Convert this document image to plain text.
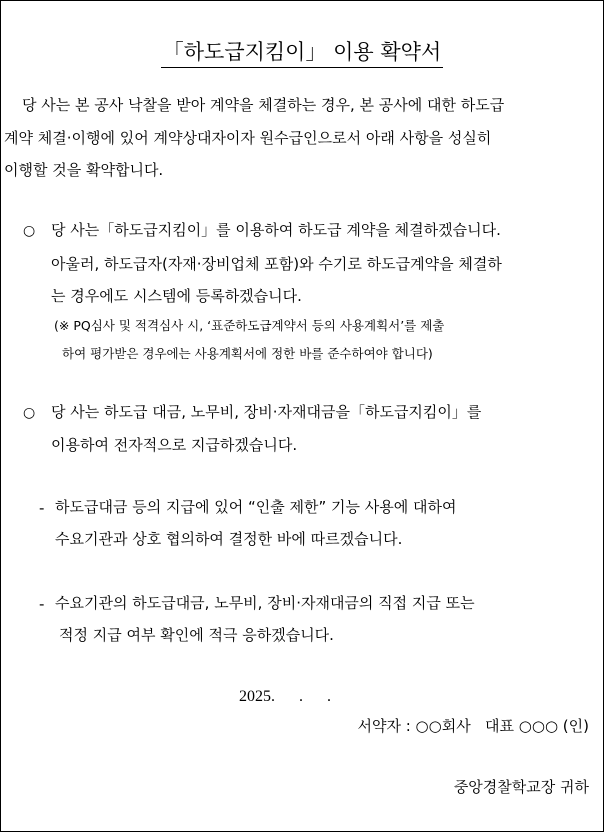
「하도급지킴이」 이용 확약서
당 사는 본 공사 낙찰을 받아 계약을 체결하는 경우, 본 공사에 대한 하도급
계약 체결·이행에 있어 계약상대자이자 원수급인으로서 아래 사항을 성실히
이행할 것을 확약합니다.
○ 당 사는「하도급지킴이」를 이용하여 하도급 계약을 체결하겠습니다.
아울러, 하도급자(자재·장비업체 포함)와 수기로 하도급계약을 체결하
는 경우에도 시스템에 등록하겠습니다.
(※ PQ심사 및 적격심사 시, ‘표준하도급계약서 등의 사용계획서’를 제출
하여 평가받은 경우에는 사용계획서에 정한 바를 준수하여야 합니다)
○ 당 사는 하도급 대금, 노무비, 장비·자재대금을「하도급지킴이」를
이용하여 전자적으로 지급하겠습니다.
- 하도급대금 등의 지급에 있어 “인출 제한” 기능 사용에 대하여
수요기관과 상호 협의하여 결정한 바에 따르겠습니다.
- 수요기관의 하도급대금, 노무비, 장비·자재대금의 직접 지급 또는
적정 지급 여부 확인에 적극 응하겠습니다.
2025.      .      .
서약자 : ○○회사   대표 ○○○ (인)
중앙경찰학교장 귀하
